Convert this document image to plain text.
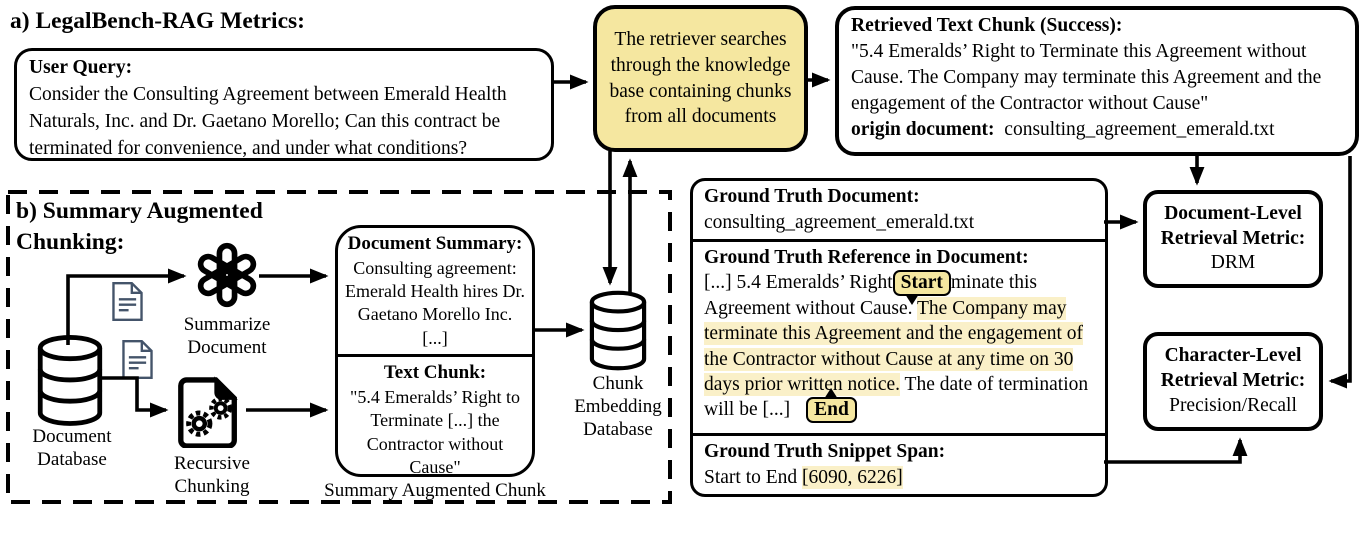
a) LegalBench-RAG Metrics:
b) Summary Augmented Chunking:
User Query:
Consider the Consulting Agreement between Emerald Health Naturals, Inc. and Dr. Gaetano Morello; Can this contract be terminated for convenience, and under what conditions?
The retriever searches through the knowledge base containing chunks from all documents
Retrieved Text Chunk (Success):
"5.4 Emeralds’ Right to Terminate this Agreement without Cause. The Company may terminate this Agreement and the engagement of the Contractor without Cause"
origin document: consulting_agreement_emerald.txt
Document Database
Summarize Document
Recursive Chunking
Document Summary:
Consulting agreement: Emerald Health hires Dr. Gaetano Morello Inc. [...]
Text Chunk:
"5.4 Emeralds’ Right to Terminate [...] the Contractor without Cause"
Summary Augmented Chunk
Chunk Embedding Database
Ground Truth Document:
consulting_agreement_emerald.txt
Ground Truth Reference in Document:
[...] 5.4 Emeralds’ Right Start minate this Agreement without Cause. The Company may terminate this Agreement and the engagement of the Contractor without Cause at any time on 30 days prior written notice. The date of termination will be [...] End
Ground Truth Snippet Span:
Start to End [6090, 6226]
Document-Level Retrieval Metric:
DRM
Character-Level Retrieval Metric:
Precision/Recall
